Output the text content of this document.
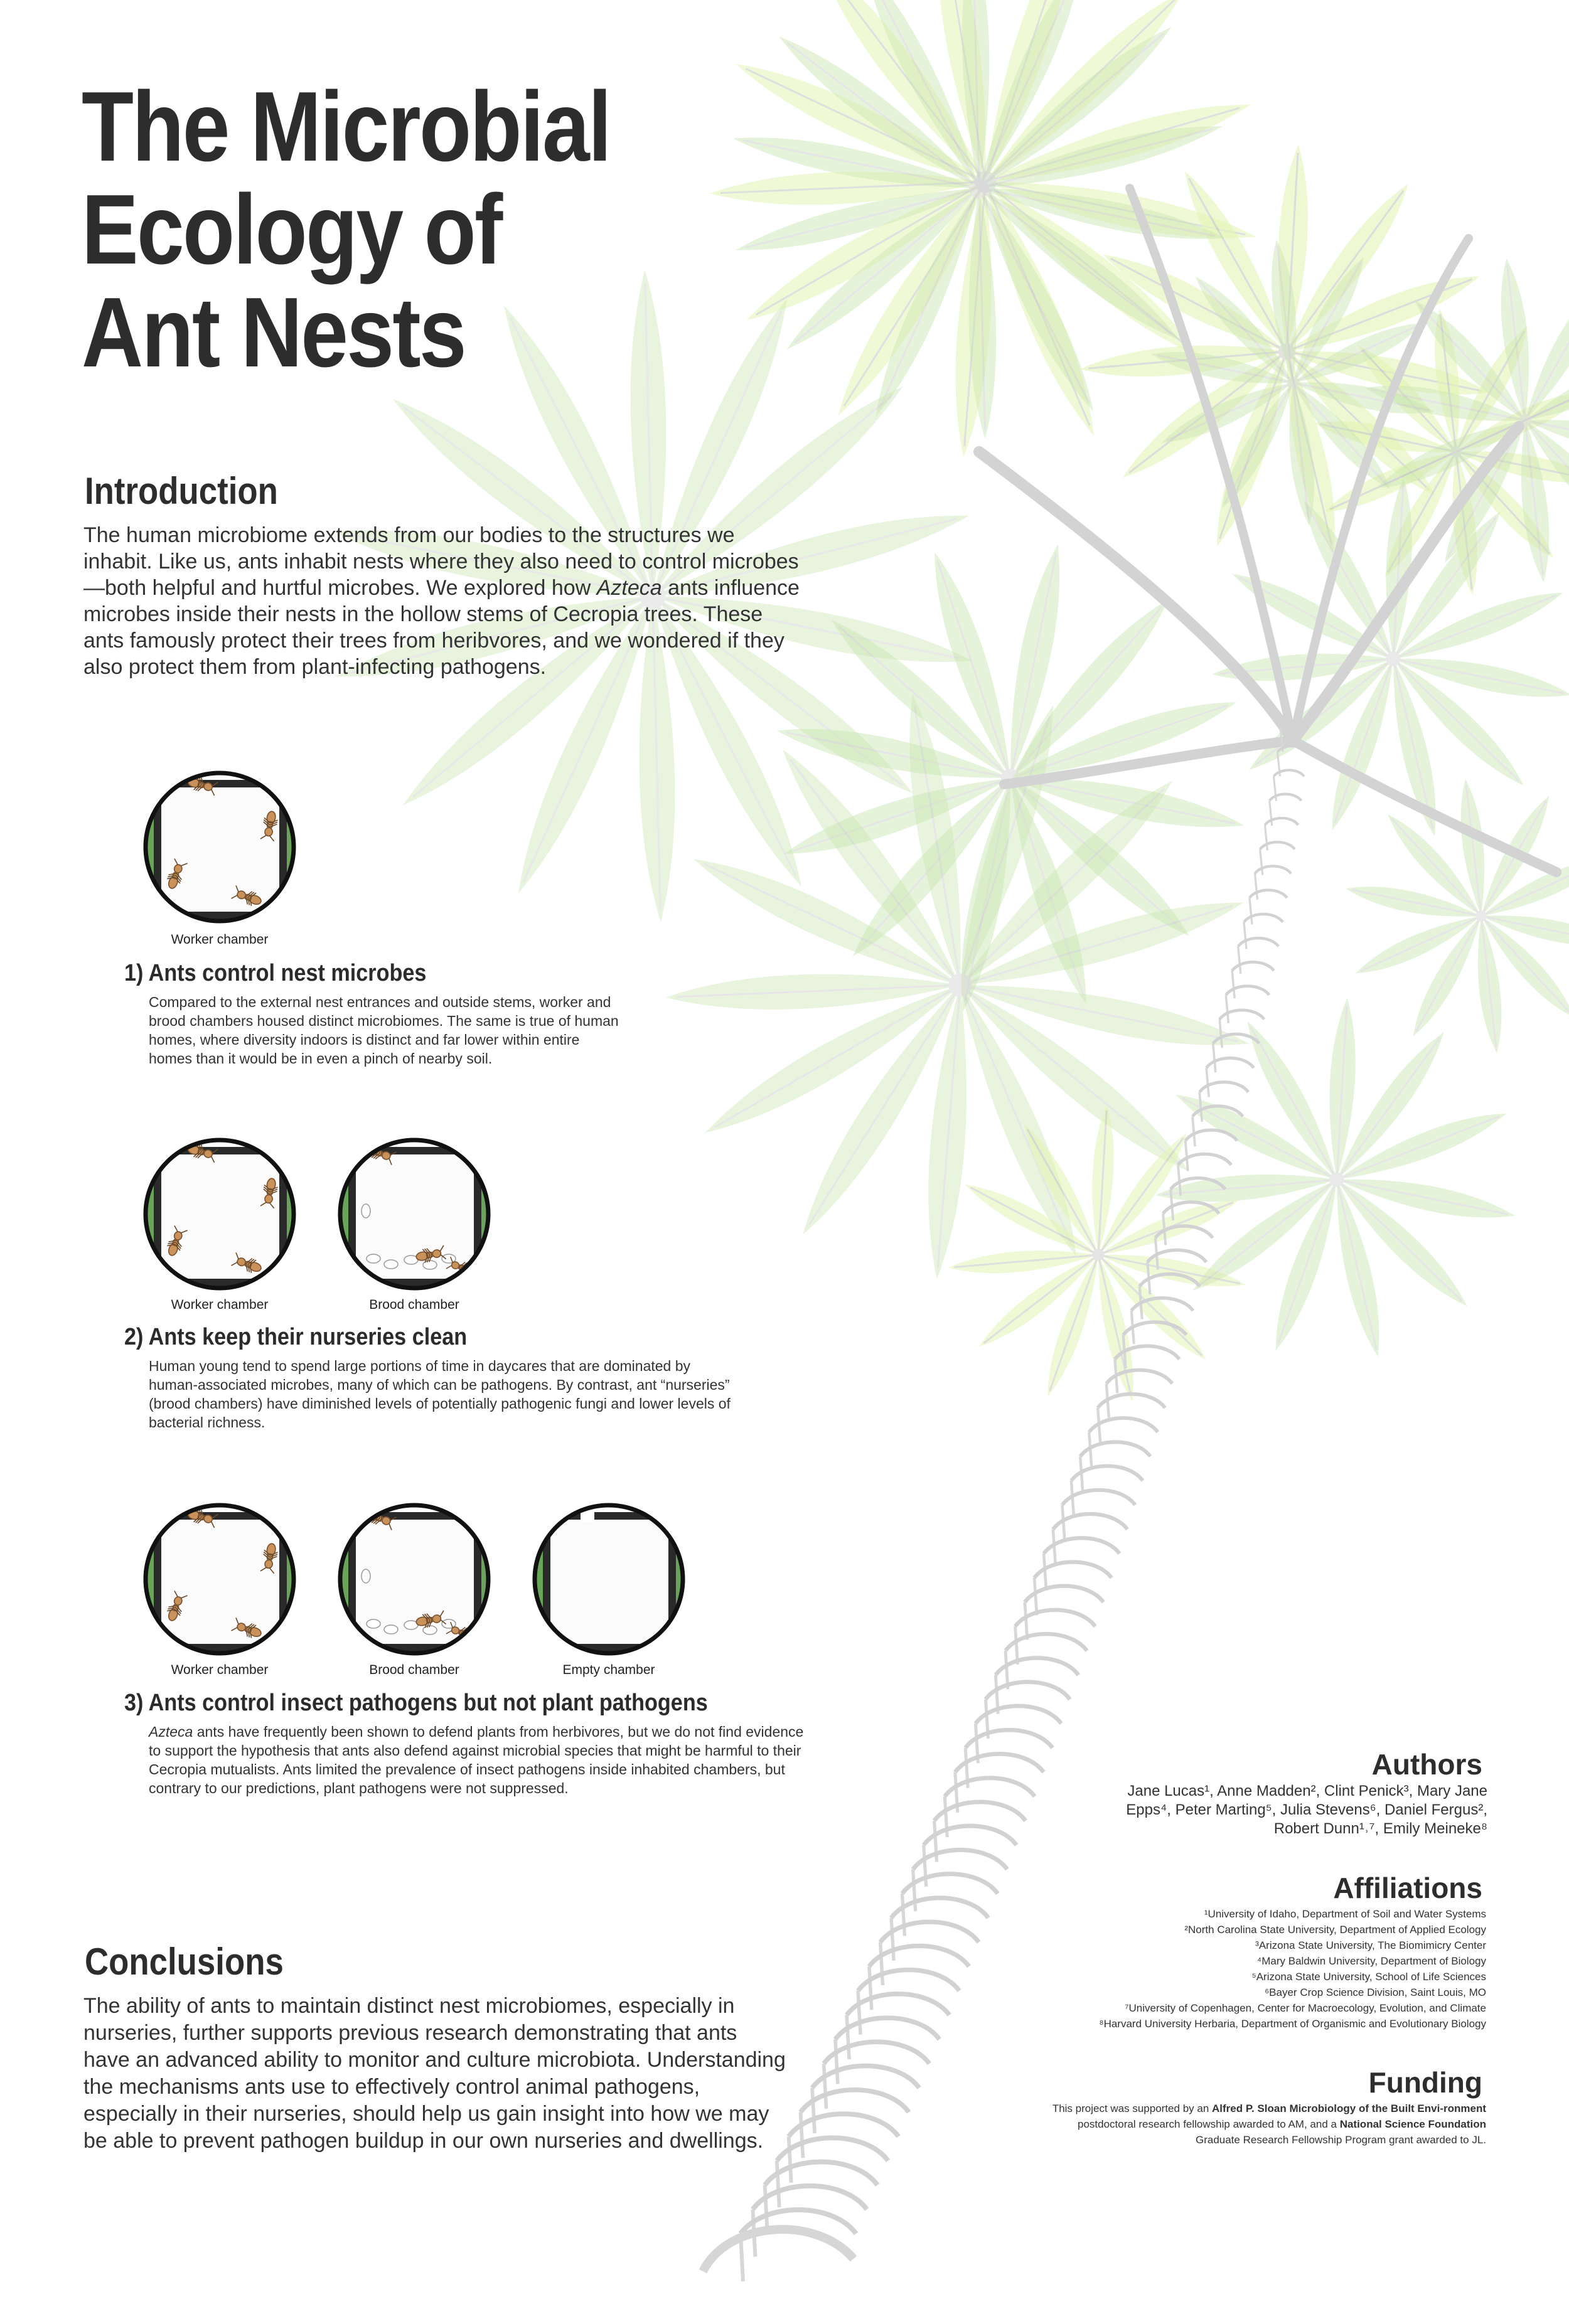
The Microbial Ecology of Ant Nests
Introduction

The human microbiome extends from our bodies to the structures we inhabit. Like us, ants inhabit nests where they also need to control microbes—both helpful and hurtful microbes. We explored how Azteca ants influence microbes inside their nests in the hollow stems of Cecropia trees. These ants famously protect their trees from heribvores, and we wondered if they also protect them from plant-infecting pathogens.

Worker chamber
1) Ants control nest microbes

Compared to the external nest entrances and outside stems, worker and brood chambers housed distinct microbiomes. The same is true of human homes, where diversity indoors is distinct and far lower within entire homes than it would be in even a pinch of nearby soil.

Worker chamber	Brood chamber
2) Ants keep their nurseries clean

Human young tend to spend large portions of time in daycares that are dominated by human-associated microbes, many of which can be pathogens. By contrast, ant “nurseries” (brood chambers) have diminished levels of potentially pathogenic fungi and lower levels of bacterial richness.

Worker chamber	Brood chamber	Empty chamber
3) Ants control insect pathogens but not plant pathogens

Azteca ants have frequently been shown to defend plants from herbivores, but we do not find evidence to support the hypothesis that ants also defend against microbial species that might be harmful to their Cecropia mutualists. Ants limited the prevalence of insect pathogens inside inhabited chambers, but contrary to our predictions, plant pathogens were not suppressed.

Conclusions

The ability of ants to maintain distinct nest microbiomes, especially in nurseries, further supports previous research demonstrating that ants have an advanced ability to monitor and culture microbiota. Understanding the mechanisms ants use to effectively control animal pathogens, especially in their nurseries, should help us gain insight into how we may be able to prevent pathogen buildup in our own nurseries and dwellings.

Authors
Jane Lucas¹, Anne Madden², Clint Penick³, Mary Jane
Epps⁴, Peter Marting⁵, Julia Stevens⁶, Daniel Fergus²,
Robert Dunn¹˒⁷, Emily Meineke⁸
Affiliations
¹University of Idaho, Department of Soil and Water Systems
²North Carolina State University, Department of Applied Ecology
³Arizona State University, The Biomimicry Center
⁴Mary Baldwin University, Department of Biology
⁵Arizona State University, School of Life Sciences
⁶Bayer Crop Science Division, Saint Louis, MO
⁷University of Copenhagen, Center for Macroecology, Evolution, and Climate
⁸Harvard University Herbaria, Department of Organismic and Evolutionary Biology
Funding

This project was supported by an Alfred P. Sloan Microbiology of the Built Envi-ronment postdoctoral research fellowship awarded to AM, and a National Science Foundation Graduate Research Fellowship Program grant awarded to JL.
